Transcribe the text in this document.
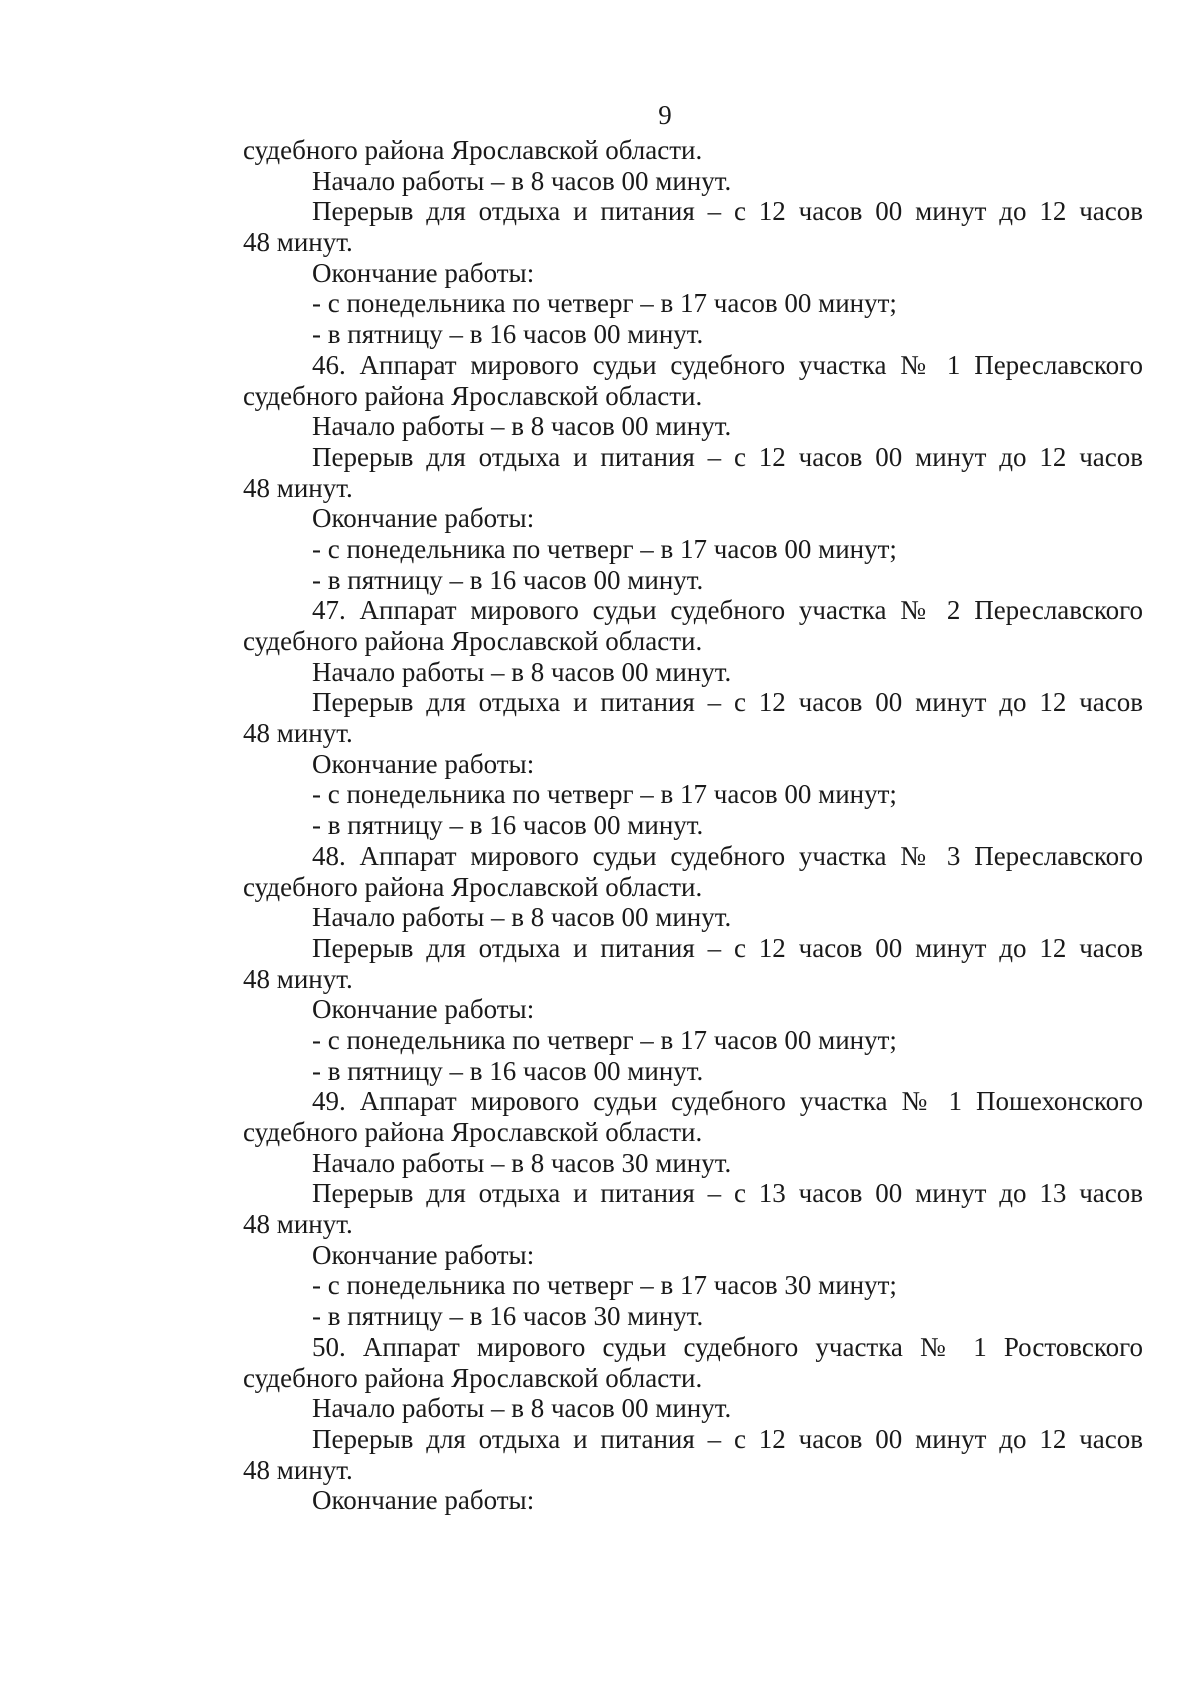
9
судебного района Ярославской области.
Начало работы – в 8 часов 00 минут.
Перерыв для отдыха и питания – с 12 часов 00 минут до 12 часов
48 минут.
Окончание работы:
- с понедельника по четверг – в 17 часов 00 минут;
- в пятницу – в 16 часов 00 минут.
46. Аппарат мирового судьи судебного участка № 1 Переславского
судебного района Ярославской области.
Начало работы – в 8 часов 00 минут.
Перерыв для отдыха и питания – с 12 часов 00 минут до 12 часов
48 минут.
Окончание работы:
- с понедельника по четверг – в 17 часов 00 минут;
- в пятницу – в 16 часов 00 минут.
47. Аппарат мирового судьи судебного участка № 2 Переславского
судебного района Ярославской области.
Начало работы – в 8 часов 00 минут.
Перерыв для отдыха и питания – с 12 часов 00 минут до 12 часов
48 минут.
Окончание работы:
- с понедельника по четверг – в 17 часов 00 минут;
- в пятницу – в 16 часов 00 минут.
48. Аппарат мирового судьи судебного участка № 3 Переславского
судебного района Ярославской области.
Начало работы – в 8 часов 00 минут.
Перерыв для отдыха и питания – с 12 часов 00 минут до 12 часов
48 минут.
Окончание работы:
- с понедельника по четверг – в 17 часов 00 минут;
- в пятницу – в 16 часов 00 минут.
49. Аппарат мирового судьи судебного участка № 1 Пошехонского
судебного района Ярославской области.
Начало работы – в 8 часов 30 минут.
Перерыв для отдыха и питания – с 13 часов 00 минут до 13 часов
48 минут.
Окончание работы:
- с понедельника по четверг – в 17 часов 30 минут;
- в пятницу – в 16 часов 30 минут.
50. Аппарат мирового судьи судебного участка № 1 Ростовского
судебного района Ярославской области.
Начало работы – в 8 часов 00 минут.
Перерыв для отдыха и питания – с 12 часов 00 минут до 12 часов
48 минут.
Окончание работы:
